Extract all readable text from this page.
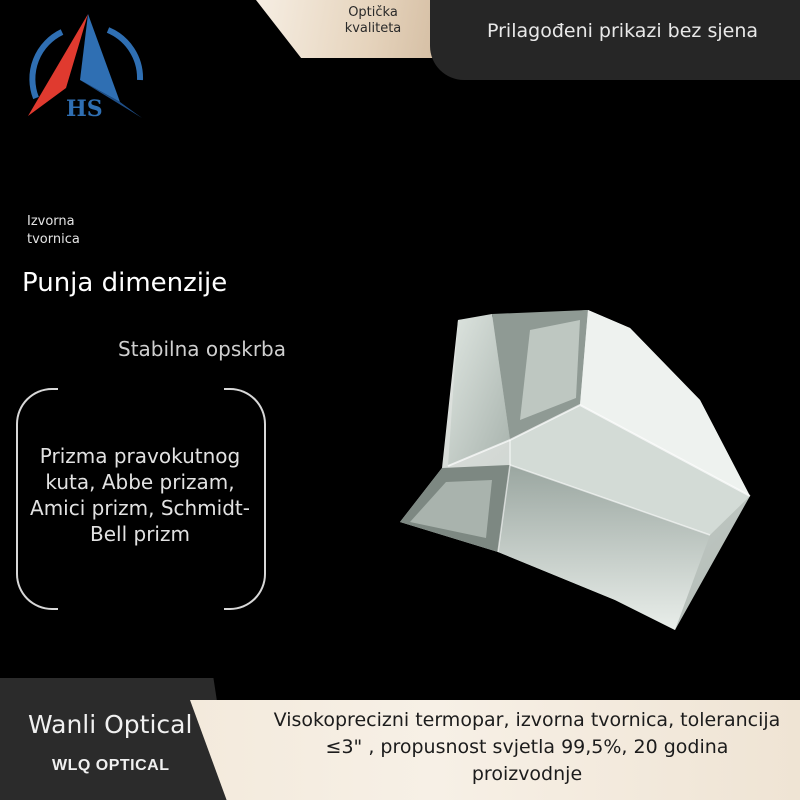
HS
Optička kvaliteta	Prilagođeni prikazi bez sjena
Izvorna tvornica
Punja dimenzije
Stabilna opskrba
Prizma pravokutnog kuta, Abbe prizam, Amici prizm, Schmidt-Bell prizm
Wanli Optical
WLQ OPTICAL
Visokoprecizni termopar, izvorna tvornica, tolerancija ≤3" , propusnost svjetla 99,5%, 20 godina proizvodnje
